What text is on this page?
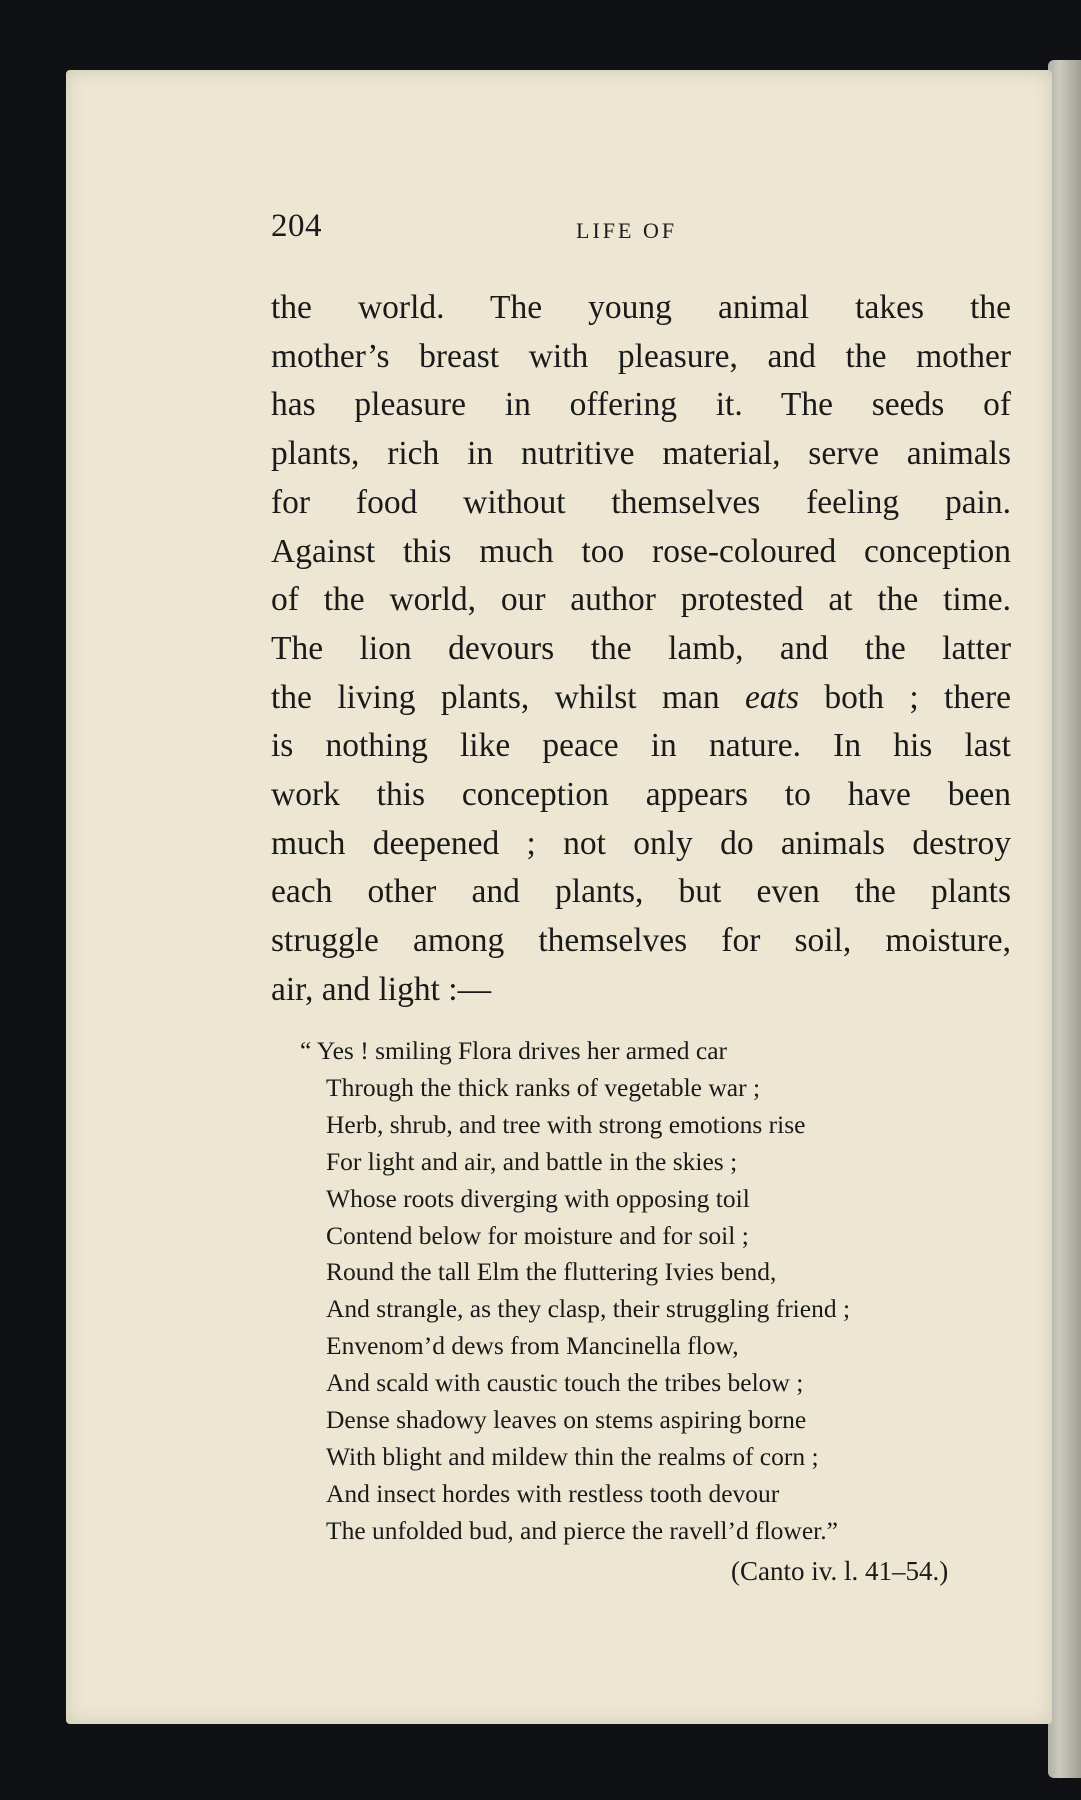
204	LIFE OF

the world. The young animal takes the
mother’s breast with pleasure, and the mother
has pleasure in offering it. The seeds of
plants, rich in nutritive material, serve animals
for food without themselves feeling pain.
Against this much too rose-coloured conception
of the world, our author protested at the time.
The lion devours the lamb, and the latter
the living plants, whilst man eats both ; there
is nothing like peace in nature. In his last
work this conception appears to have been
much deepened ; not only do animals destroy
each other and plants, but even the plants
struggle among themselves for soil, moisture,
air, and light :—

“ Yes ! smiling Flora drives her armed car
Through the thick ranks of vegetable war ;
Herb, shrub, and tree with strong emotions rise
For light and air, and battle in the skies ;
Whose roots diverging with opposing toil
Contend below for moisture and for soil ;
Round the tall Elm the fluttering Ivies bend,
And strangle, as they clasp, their struggling friend ;
Envenom’d dews from Mancinella flow,
And scald with caustic touch the tribes below ;
Dense shadowy leaves on stems aspiring borne
With blight and mildew thin the realms of corn ;
And insect hordes with restless tooth devour
The unfolded bud, and pierce the ravell’d flower.”

(Canto iv. l. 41–54.)
